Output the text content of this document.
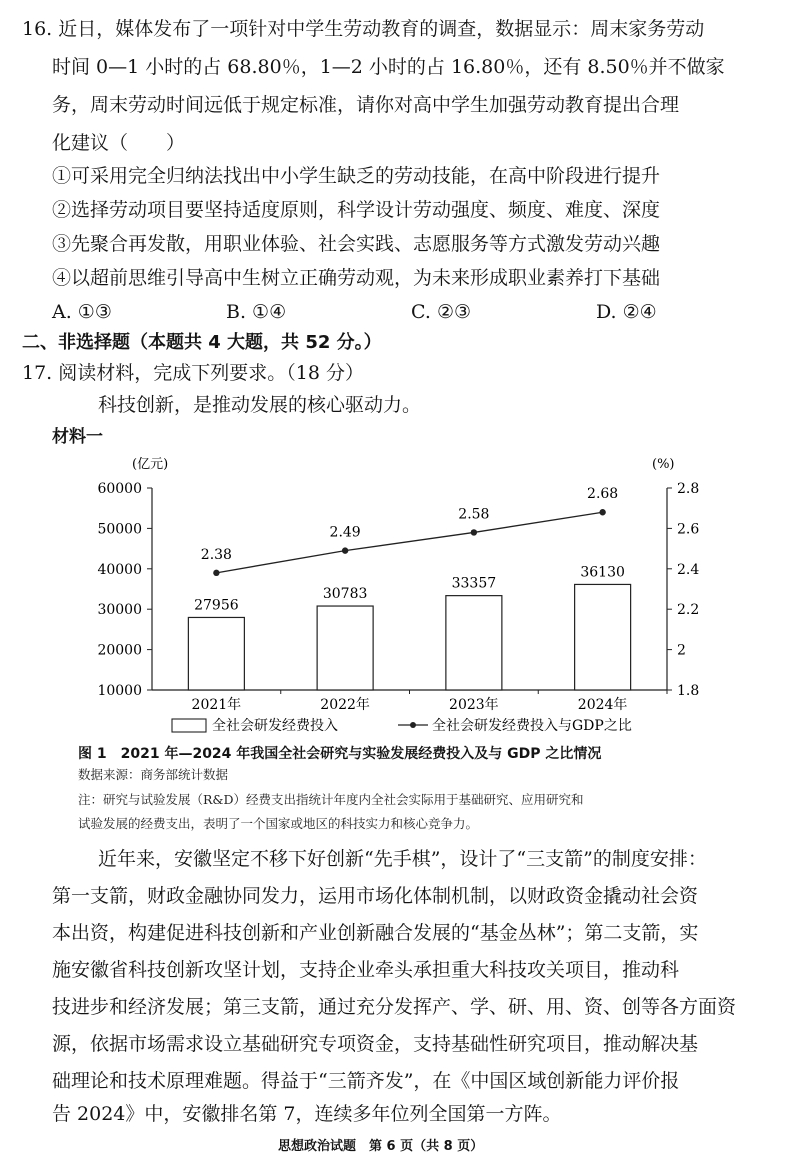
16. 近日，媒体发布了一项针对中学生劳动教育的调查，数据显示：周末家务劳动
时间 0—1 小时的占 68.80％，1—2 小时的占 16.80％，还有 8.50％并不做家
务，周末劳动时间远低于规定标准，请你对高中学生加强劳动教育提出合理
化建议（　　）
①可采用完全归纳法找出中小学生缺乏的劳动技能，在高中阶段进行提升
②选择劳动项目要坚持适度原则，科学设计劳动强度、频度、难度、深度
③先聚合再发散，用职业体验、社会实践、志愿服务等方式激发劳动兴趣
④以超前思维引导高中生树立正确劳动观，为未来形成职业素养打下基础
A. ①③	B. ①④	C. ②③	D. ②④
二、非选择题（本题共 4 大题，共 52 分。）
17. 阅读材料，完成下列要求。（18 分）
科技创新，是推动发展的核心驱动力。
材料一
(亿元)	(%)
10000
20000
30000
40000
50000
60000
1.8
2
2.2
2.4
2.6
2.8
27956
30783
33357
36130
2021年	2022年	2023年	2024年
2.38
2.49
2.58
2.68
全社会研发经费投入	全社会研发经费投入与GDP之比
图 1　2021 年—2024 年我国全社会研究与实验发展经费投入及与 GDP 之比情况
数据来源：商务部统计数据
注：研究与试验发展（R&D）经费支出指统计年度内全社会实际用于基础研究、应用研究和
试验发展的经费支出，表明了一个国家或地区的科技实力和核心竞争力。
近年来，安徽坚定不移下好创新“先手棋”，设计了“三支箭”的制度安排：
第一支箭，财政金融协同发力，运用市场化体制机制，以财政资金撬动社会资
本出资，构建促进科技创新和产业创新融合发展的“基金丛林”；第二支箭，实
施安徽省科技创新攻坚计划，支持企业牵头承担重大科技攻关项目，推动科
技进步和经济发展；第三支箭，通过充分发挥产、学、研、用、资、创等各方面资
源，依据市场需求设立基础研究专项资金，支持基础性研究项目，推动解决基
础理论和技术原理难题。得益于“三箭齐发”，在《中国区域创新能力评价报
告 2024》中，安徽排名第 7，连续多年位列全国第一方阵。
思想政治试题　第 6 页（共 8 页）
